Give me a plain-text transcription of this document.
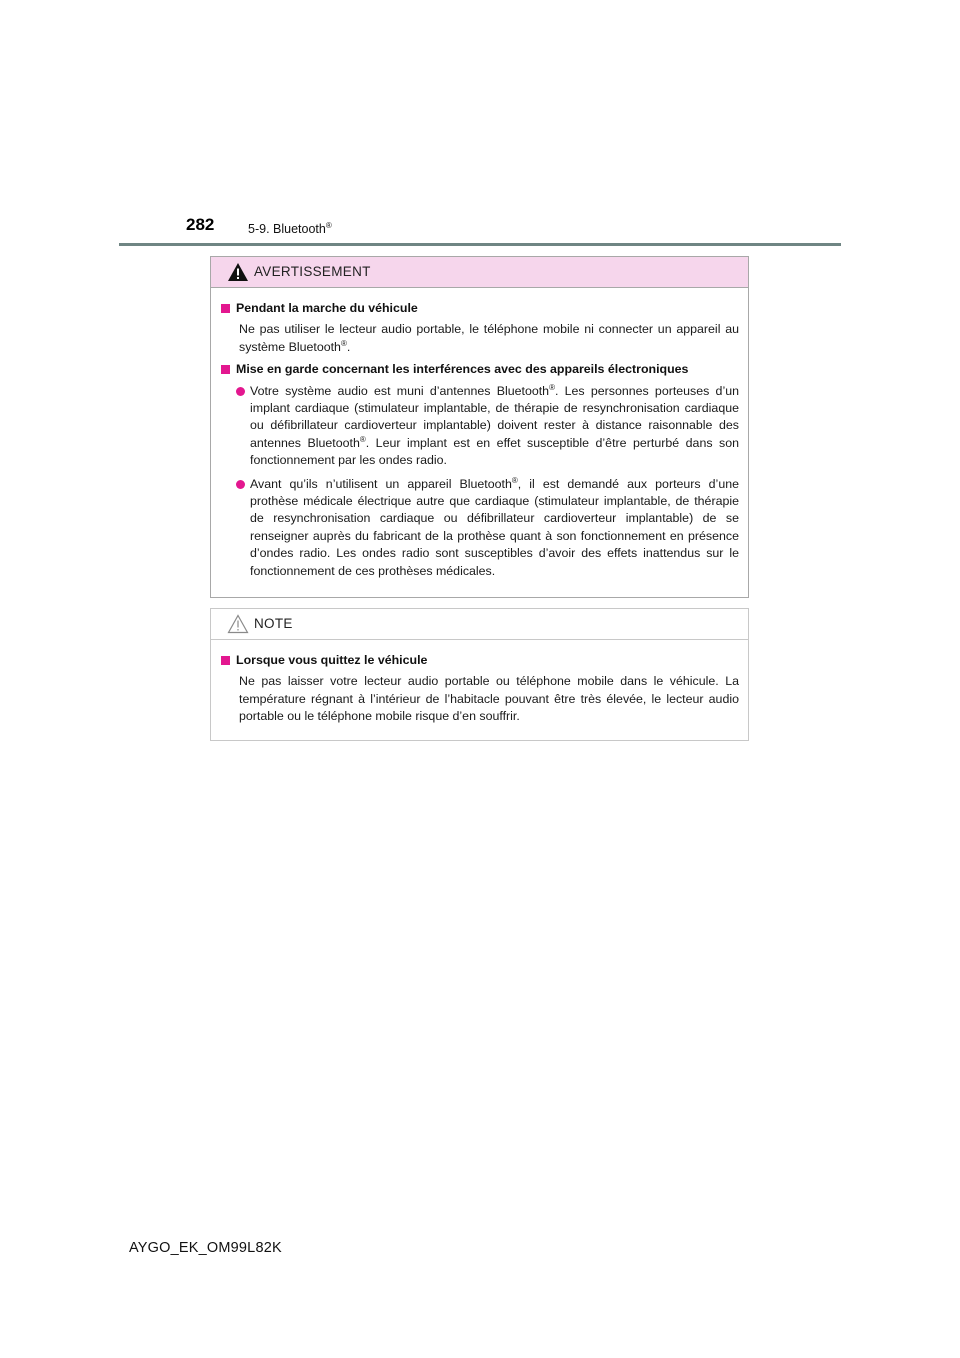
282	5-9. Bluetooth®
AVERTISSEMENT
Pendant la marche du véhicule
Ne pas utiliser le lecteur audio portable, le téléphone mobile ni connecter un appareil au système Bluetooth®.
Mise en garde concernant les interférences avec des appareils électroniques
Votre système audio est muni d’antennes Bluetooth®. Les personnes porteuses d’un implant cardiaque (stimulateur implantable, de thérapie de resynchronisation cardiaque ou défibrillateur cardioverteur implantable) doivent rester à distance raisonnable des antennes Bluetooth®. Leur implant est en effet susceptible d’être perturbé dans son fonctionnement par les ondes radio.
Avant qu’ils n’utilisent un appareil Bluetooth®, il est demandé aux porteurs d’une prothèse médicale électrique autre que cardiaque (stimulateur implantable, de thérapie de resynchronisation cardiaque ou défibrillateur cardioverteur implantable) de se renseigner auprès du fabricant de la prothèse quant à son fonctionnement en présence d’ondes radio. Les ondes radio sont susceptibles d’avoir des effets inattendus sur le fonctionnement de ces prothèses médicales.
NOTE
Lorsque vous quittez le véhicule
Ne pas laisser votre lecteur audio portable ou téléphone mobile dans le véhicule. La température régnant à l’intérieur de l’habitacle pouvant être très élevée, le lecteur audio portable ou le téléphone mobile risque d’en souffrir.
AYGO_EK_OM99L82K
